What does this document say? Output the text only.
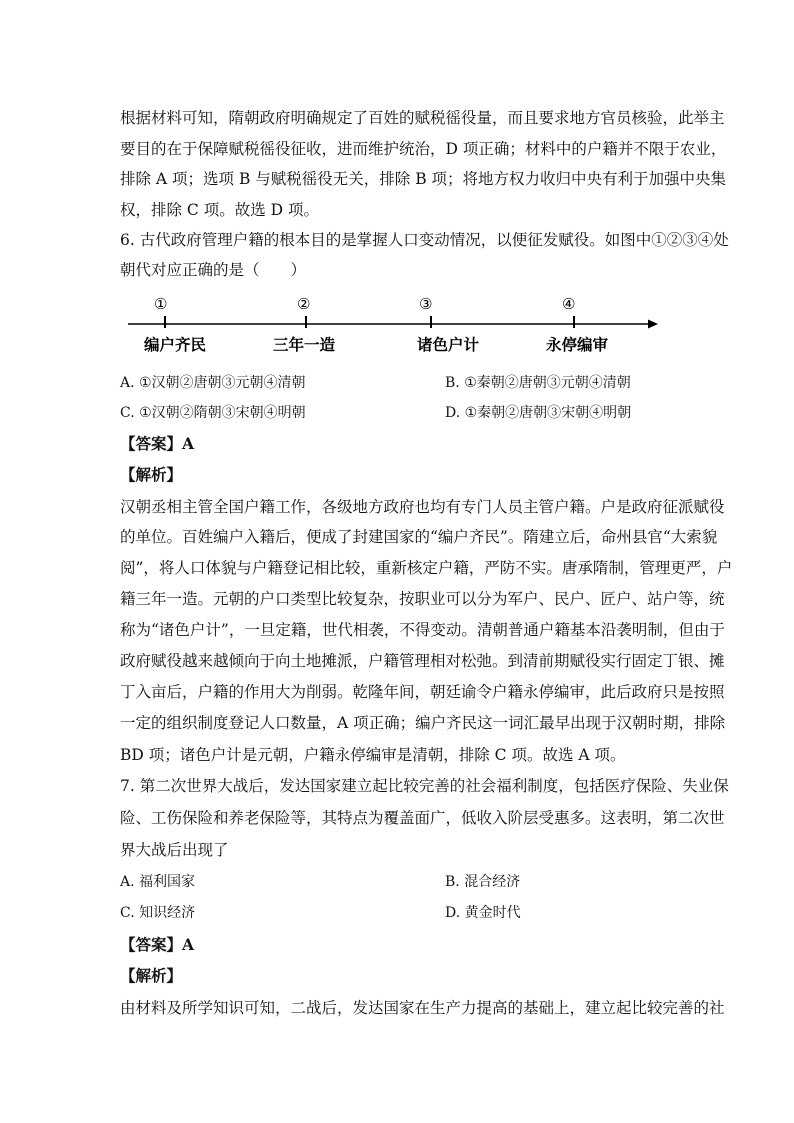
根据材料可知，隋朝政府明确规定了百姓的赋税徭役量，而且要求地方官员核验，此举主
要目的在于保障赋税徭役征收，进而维护统治，D 项正确；材料中的户籍并不限于农业，
排除 A 项；选项 B 与赋税徭役无关，排除 B 项；将地方权力收归中央有利于加强中央集
权，排除 C 项。故选 D 项。
6. 古代政府管理户籍的根本目的是掌握人口变动情况，以便征发赋役。如图中①②③④处
朝代对应正确的是（　　）
①	②	③	④
编户齐民	三年一造	诸色户计	永停编审
A. ①汉朝②唐朝③元朝④清朝	B. ①秦朝②唐朝③元朝④清朝
C. ①汉朝②隋朝③宋朝④明朝	D. ①秦朝②唐朝③宋朝④明朝
【答案】A
【解析】
汉朝丞相主管全国户籍工作，各级地方政府也均有专门人员主管户籍。户是政府征派赋役
的单位。百姓编户入籍后，便成了封建国家的“编户齐民”。隋建立后，命州县官“大索貌
阅”，将人口体貌与户籍登记相比较，重新核定户籍，严防不实。唐承隋制，管理更严，户
籍三年一造。元朝的户口类型比较复杂，按职业可以分为军户、民户、匠户、站户等，统
称为“诸色户计”，一旦定籍，世代相袭，不得变动。清朝普通户籍基本沿袭明制，但由于
政府赋役越来越倾向于向土地摊派，户籍管理相对松弛。到清前期赋役实行固定丁银、摊
丁入亩后，户籍的作用大为削弱。乾隆年间，朝廷谕令户籍永停编审，此后政府只是按照
一定的组织制度登记人口数量，A 项正确；编户齐民这一词汇最早出现于汉朝时期，排除
BD 项；诸色户计是元朝，户籍永停编审是清朝，排除 C 项。故选 A 项。
7. 第二次世界大战后，发达国家建立起比较完善的社会福利制度，包括医疗保险、失业保
险、工伤保险和养老保险等，其特点为覆盖面广，低收入阶层受惠多。这表明，第二次世
界大战后出现了
A. 福利国家	B. 混合经济
C. 知识经济	D. 黄金时代
【答案】A
【解析】
由材料及所学知识可知，二战后，发达国家在生产力提高的基础上，建立起比较完善的社
